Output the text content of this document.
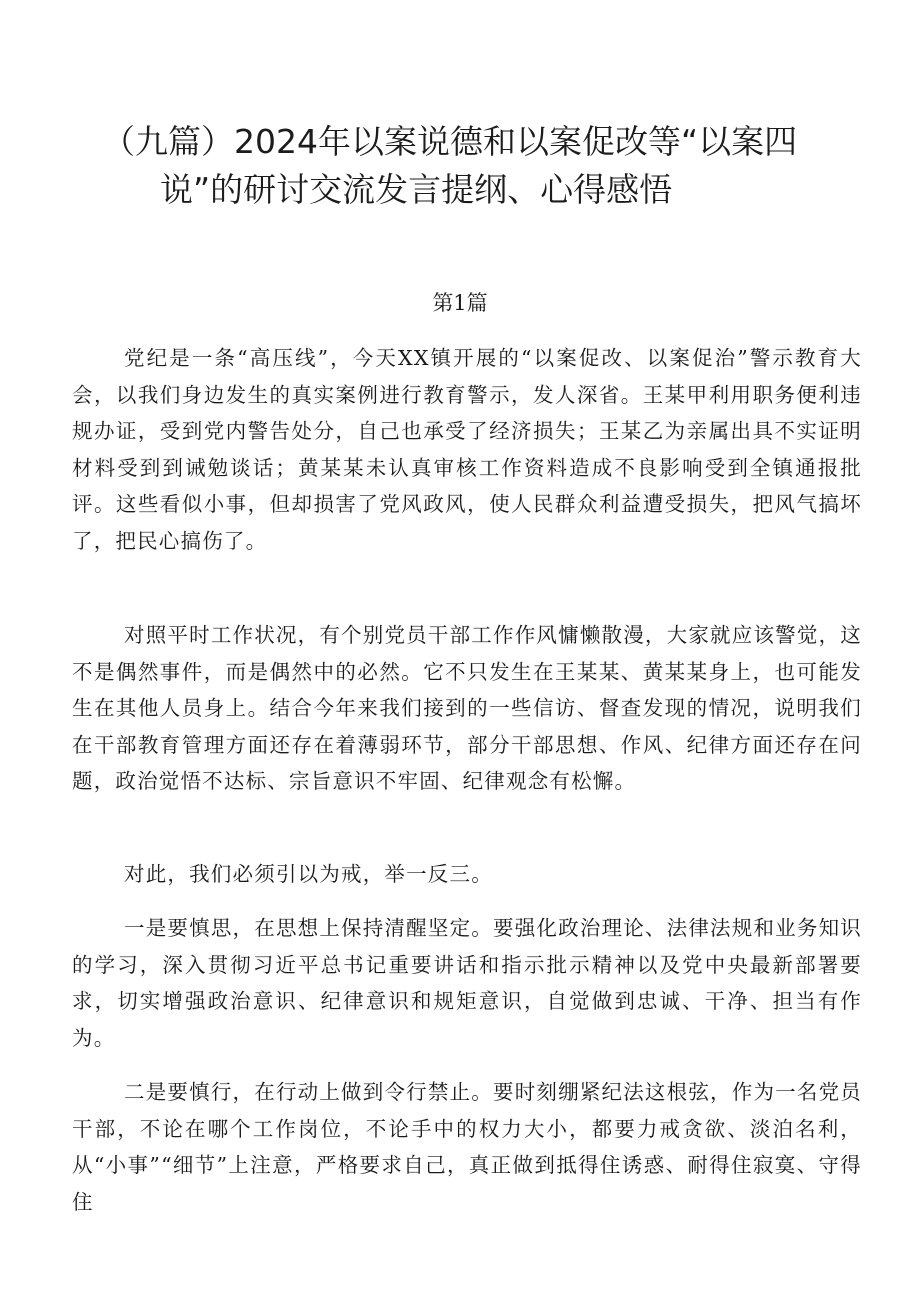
（九篇）2024年以案说德和以案促改等“以案四
说”的研讨交流发言提纲、心得感悟
第1篇

党纪是一条“高压线”，今天XX镇开展的“以案促改、以案促治”警示教育大会，以我们身边发生的真实案例进行教育警示，发人深省。王某甲利用职务便利违规办证，受到党内警告处分，自己也承受了经济损失；王某乙为亲属出具不实证明材料受到到诫勉谈话；黄某某未认真审核工作资料造成不良影响受到全镇通报批评。这些看似小事，但却损害了党风政风，使人民群众利益遭受损失，把风气搞坏了，把民心搞伤了。

对照平时工作状况，有个别党员干部工作作风慵懒散漫，大家就应该警觉，这不是偶然事件，而是偶然中的必然。它不只发生在王某某、黄某某身上，也可能发生在其他人员身上。结合今年来我们接到的一些信访、督查发现的情况，说明我们在干部教育管理方面还存在着薄弱环节，部分干部思想、作风、纪律方面还存在问题，政治觉悟不达标、宗旨意识不牢固、纪律观念有松懈。

对此，我们必须引以为戒，举一反三。

一是要慎思，在思想上保持清醒坚定。要强化政治理论、法律法规和业务知识的学习，深入贯彻习近平总书记重要讲话和指示批示精神以及党中央最新部署要求，切实增强政治意识、纪律意识和规矩意识，自觉做到忠诚、干净、担当有作为。

二是要慎行，在行动上做到令行禁止。要时刻绷紧纪法这根弦，作为一名党员干部，不论在哪个工作岗位，不论手中的权力大小，都要力戒贪欲、淡泊名利，从“小事”“细节”上注意，严格要求自己，真正做到抵得住诱惑、耐得住寂寞、守得住
